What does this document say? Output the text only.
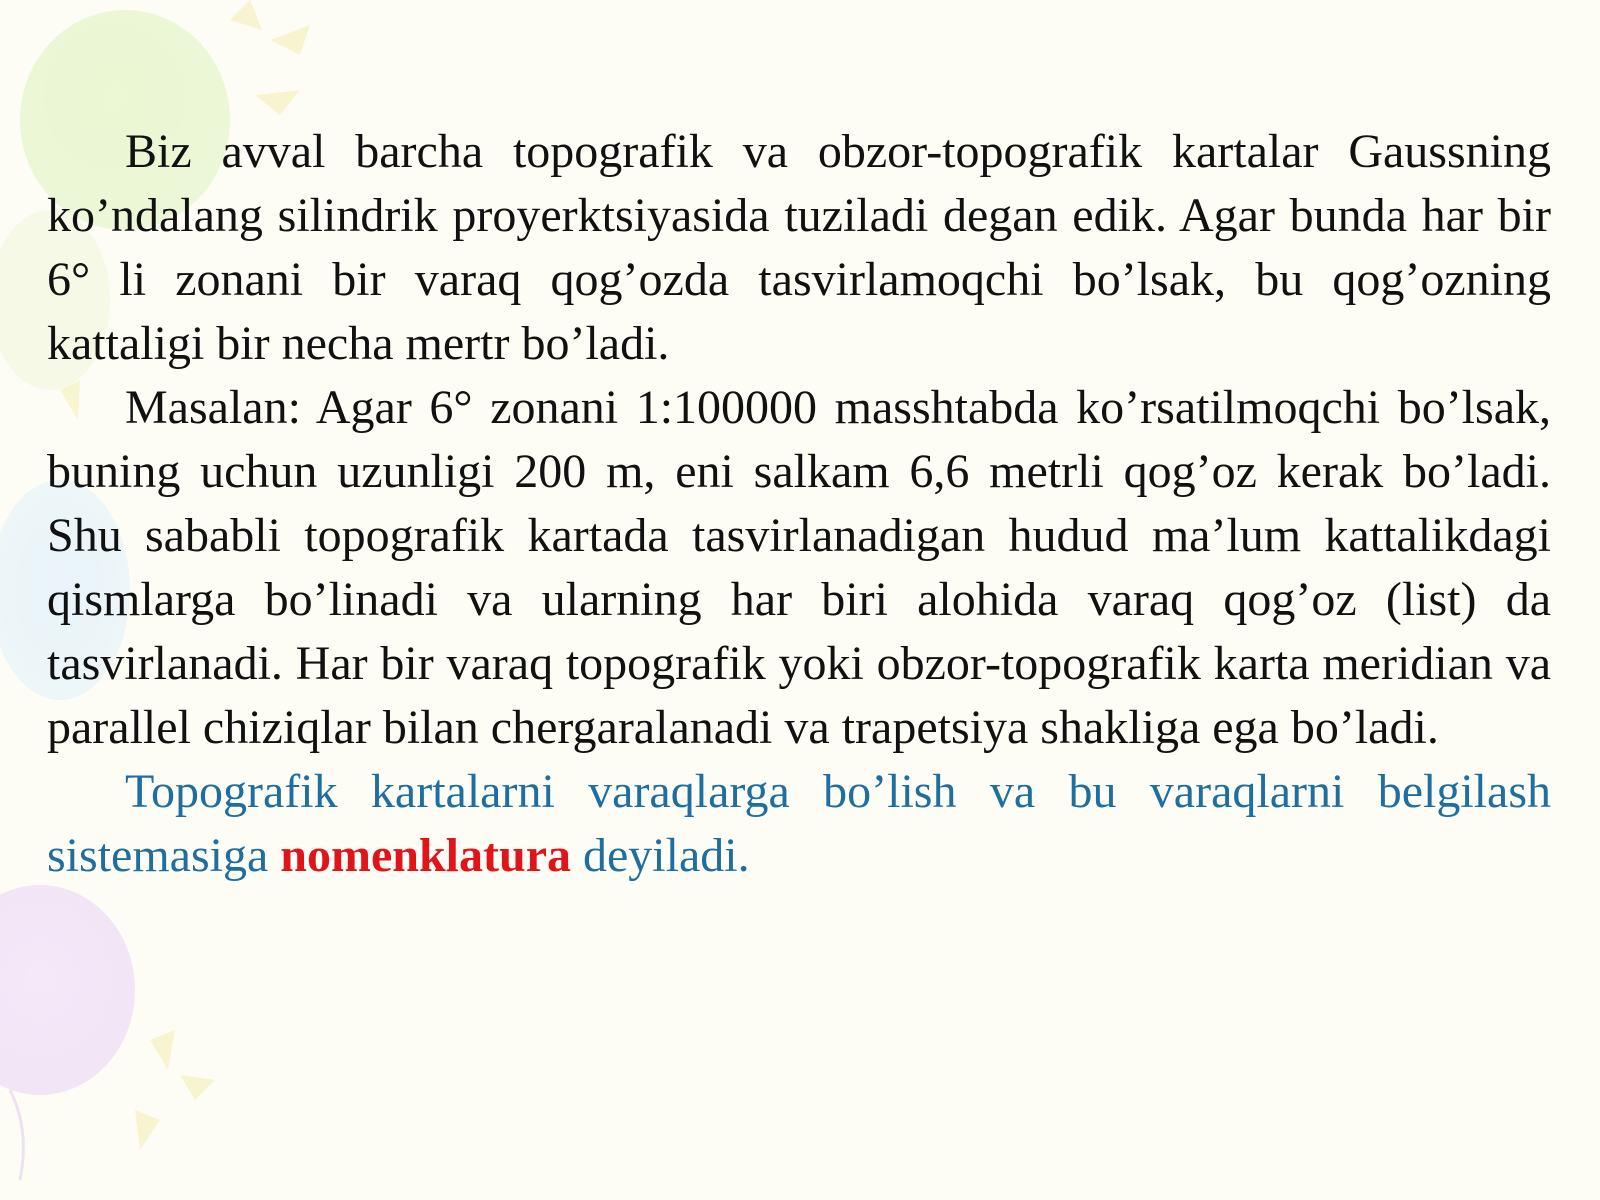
Biz avval barcha topografik va obzor-topografik kartalar Gaussning ko’ndalang silindrik proyerktsiyasida tuziladi degan edik. Agar bunda har bir 6° li zonani bir varaq qog’ozda tasvirlamoqchi bo’lsak, bu qog’ozning kattaligi bir necha mertr bo’ladi.

Masalan: Agar 6° zonani 1:100000 masshtabda ko’rsatilmoqchi bo’lsak, buning uchun uzunligi 200 m, eni salkam 6,6 metrli qog’oz kerak bo’ladi. Shu sababli topografik kartada tasvirlanadigan hudud ma’lum kattalikdagi qismlarga bo’linadi va ularning har biri alohida varaq qog’oz (list) da tasvirlanadi. Har bir varaq topografik yoki obzor-topografik karta meridian va parallel chiziqlar bilan chergaralanadi va trapetsiya shakliga ega bo’ladi.

Topografik kartalarni varaqlarga bo’lish va bu varaqlarni belgilash sistemasiga nomenklatura deyiladi.
